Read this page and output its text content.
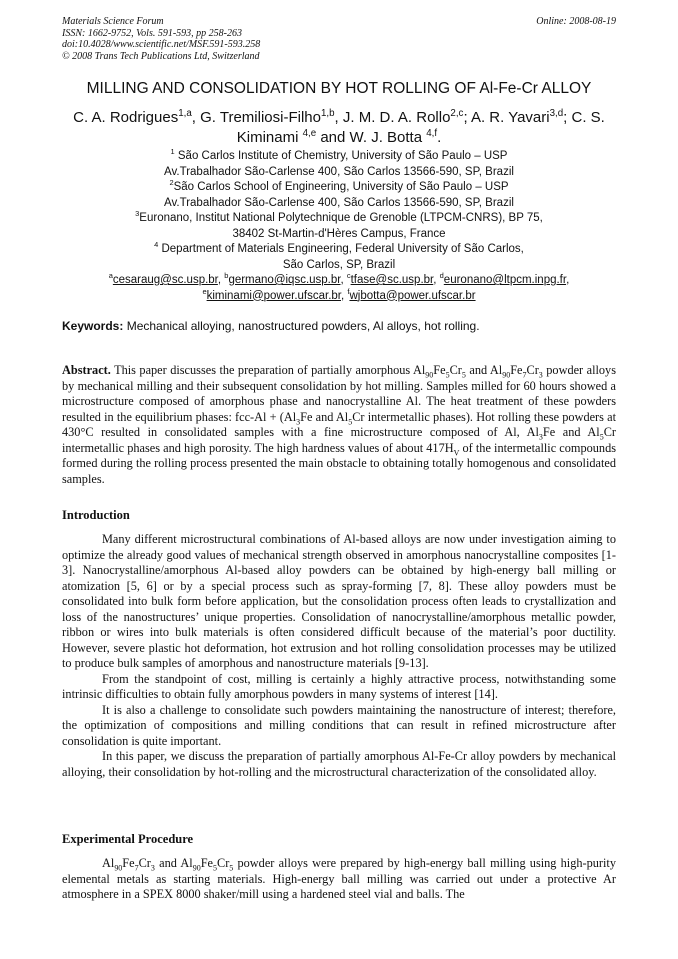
Materials Science Forum
ISSN: 1662-9752, Vols. 591-593, pp 258-263
doi:10.4028/www.scientific.net/MSF.591-593.258
© 2008 Trans Tech Publications Ltd, Switzerland
Online: 2008-08-19
MILLING AND CONSOLIDATION BY HOT ROLLING OF Al-Fe-Cr ALLOY
C. A. Rodrigues$^{1,a}$, G. Tremiliosi-Filho$^{1,b}$, J. M. D. A. Rollo$^{2,c}$; A. R. Yavari$^{3,d}$; C. S. Kiminami $^{4,e}$ and W. J. Botta $^{4,f}$.
$^1$ São Carlos Institute of Chemistry, University of São Paulo – USP
Av.Trabalhador São-Carlense 400, São Carlos 13566-590, SP, Brazil
$^2$São Carlos School of Engineering, University of São Paulo – USP
Av.Trabalhador São-Carlense 400, São Carlos 13566-590, SP, Brazil
$^3$Euronano, Institut National Polytechnique de Grenoble (LTPCM-CNRS), BP 75,
38402 St-Martin-d'Hères Campus, France
$^4$ Department of Materials Engineering, Federal University of São Carlos,
São Carlos, SP, Brazil
$^a$cesaraug@sc.usp.br, $^b$germano@iqsc.usp.br, $^c$tfase@sc.usp.br, $^d$euronano@ltpcm.inpg.fr,
$^e$kiminami@power.ufscar.br, $^f$wjbotta@power.ufscar.br
Keywords: Mechanical alloying, nanostructured powders, Al alloys, hot rolling.

Abstract. This paper discusses the preparation of partially amorphous $Al_{90}Fe_5Cr_5$ and $Al_{90}Fe_7Cr_3$ powder alloys by mechanical milling and their subsequent consolidation by hot milling. Samples milled for 60 hours showed a microstructure composed of amorphous phase and nanocrystalline Al. The heat treatment of these powders resulted in the equilibrium phases: $fcc-Al + (Al_3Fe$ and $Al_5Cr$ intermetallic phases). Hot rolling these powders at 430°C resulted in consolidated samples with a fine microstructure composed of Al, $Al_3Fe$ and $Al_5Cr$ intermetallic phases and high porosity. The high hardness values of about $417H_V$ of the intermetallic compounds formed during the rolling process presented the main obstacle to obtaining totally homogenous and consolidated samples.

Introduction

Many different microstructural combinations of Al-based alloys are now under investigation aiming to optimize the already good values of mechanical strength observed in amorphous nanocrystalline composites [1-3]. Nanocrystalline/amorphous Al-based alloy powders can be obtained by high-energy ball milling or atomization [5, 6] or by a special process such as spray-forming [7, 8]. These alloy powders must be consolidated into bulk form before application, but the consolidation process often leads to crystallization and loss of the nanostructures’ unique properties. Consolidation of nanocrystalline/amorphous metallic powder, ribbon or wires into bulk materials is often considered difficult because of the material’s poor ductility. However, severe plastic hot deformation, hot extrusion and hot rolling consolidation processes may be utilized to produce bulk samples of amorphous and nanostructure materials [9-13].

From the standpoint of cost, milling is certainly a highly attractive process, notwithstanding some intrinsic difficulties to obtain fully amorphous powders in many systems of interest [14].

It is also a challenge to consolidate such powders maintaining the nanostructure of interest; therefore, the optimization of compositions and milling conditions that can result in refined microstructure after consolidation is quite important.

In this paper, we discuss the preparation of partially amorphous Al-Fe-Cr alloy powders by mechanical alloying, their consolidation by hot-rolling and the microstructural characterization of the consolidated alloy.

Experimental Procedure

$Al_{90}Fe_7Cr_3$ and $Al_{90}Fe_5Cr_5$ powder alloys were prepared by high-energy ball milling using high-purity elemental metals as starting materials. High-energy ball milling was carried out under a protective Ar atmosphere in a SPEX 8000 shaker/mill using a hardened steel vial and balls. The
